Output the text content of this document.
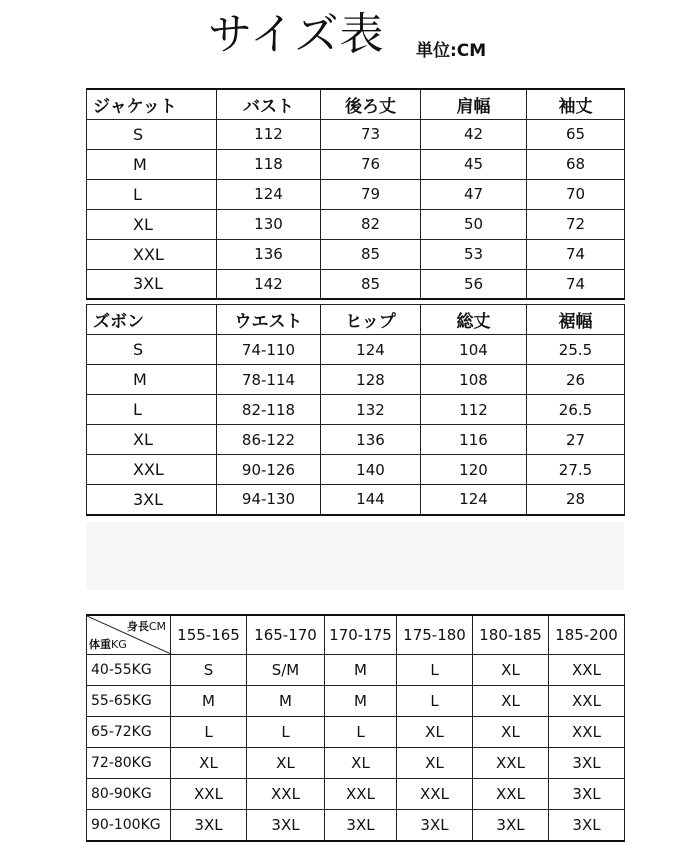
サイズ表 単位:CM
ジャケット	バスト	後ろ丈	肩幅	袖丈
S	112	73	42	65
M	118	76	45	68
L	124	79	47	70
XL	130	82	50	72
XXL	136	85	53	74
3XL	142	85	56	74
ズボン	ウエスト	ヒップ	総丈	裾幅
S	74-110	124	104	25.5
M	78-114	128	108	26
L	82-118	132	112	26.5
XL	86-122	136	116	27
XXL	90-126	140	120	27.5
3XL	94-130	144	124	28
身長CM
体重KG	155-165	165-170	170-175	175-180	180-185	185-200
40-55KG	S	S/M	M	L	XL	XXL
55-65KG	M	M	M	L	XL	XXL
65-72KG	L	L	L	XL	XL	XXL
72-80KG	XL	XL	XL	XL	XXL	3XL
80-90KG	XXL	XXL	XXL	XXL	XXL	3XL
90-100KG	3XL	3XL	3XL	3XL	3XL	3XL
